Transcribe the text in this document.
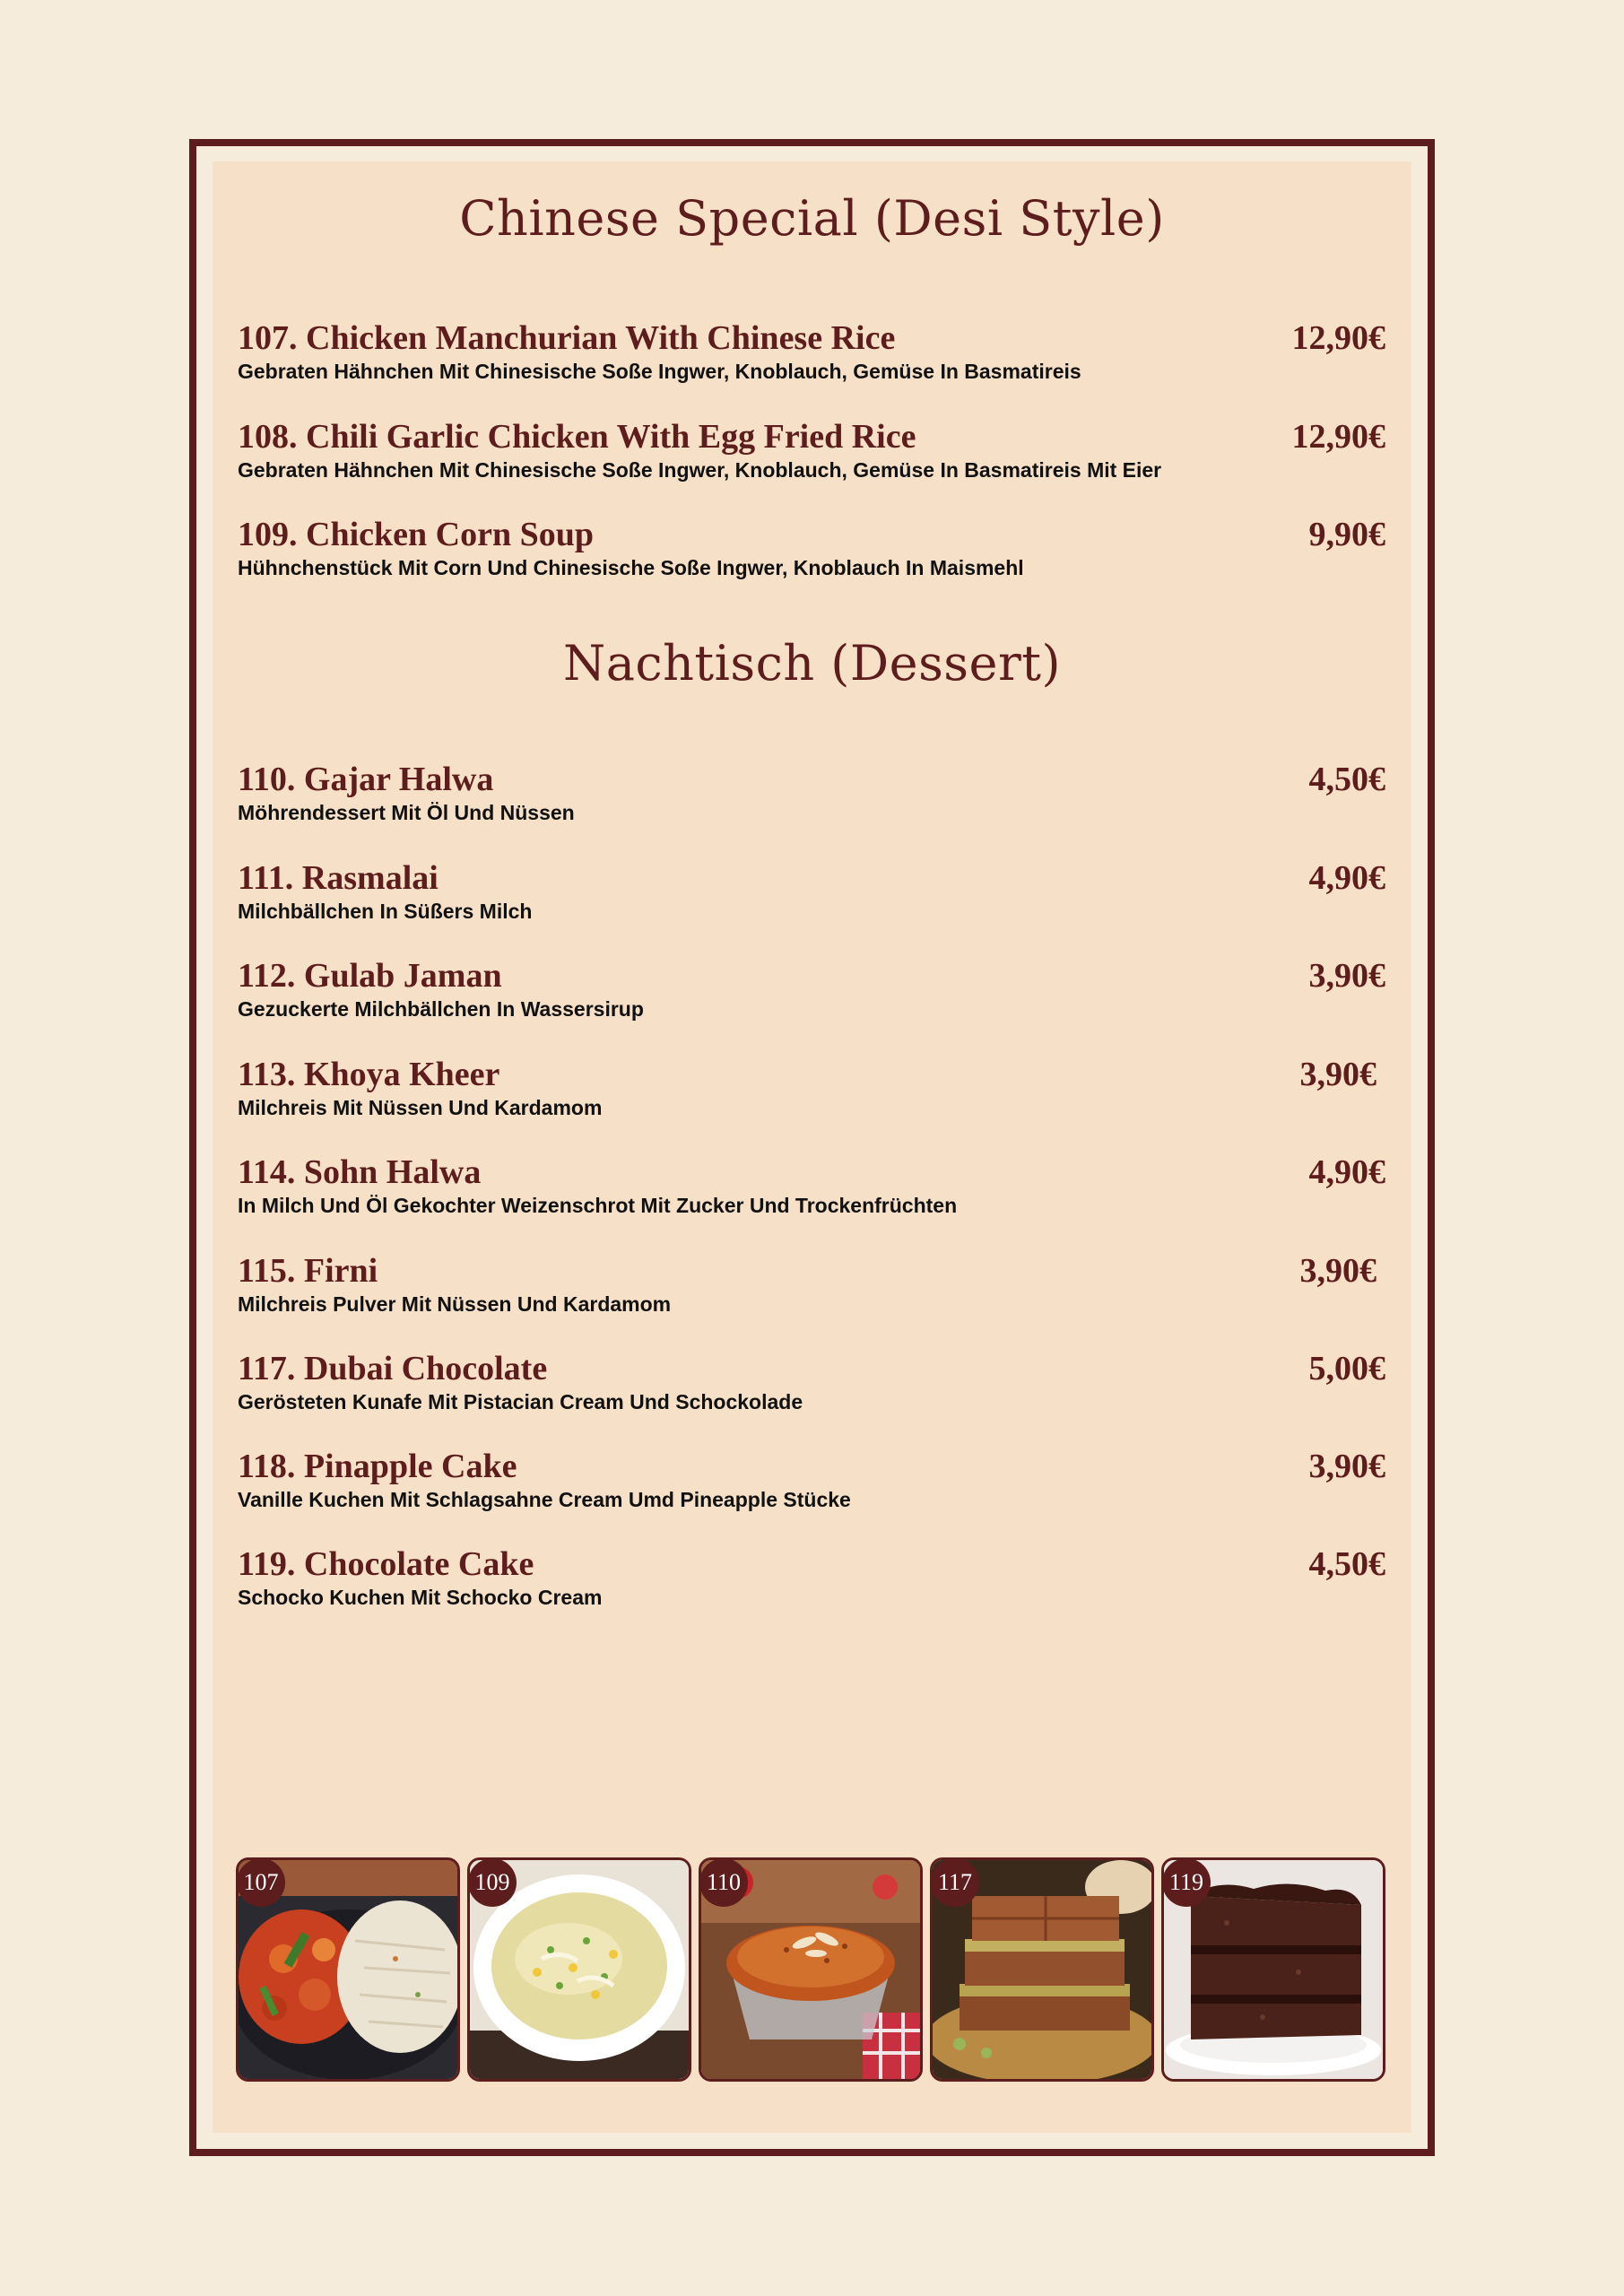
Chinese Special (Desi Style)
107. Chicken Manchurian With Chinese Rice	12,90€
Gebraten Hähnchen Mit Chinesische Soße Ingwer, Knoblauch, Gemüse In Basmatireis
108. Chili Garlic Chicken With Egg Fried Rice	12,90€
Gebraten Hähnchen Mit Chinesische Soße Ingwer, Knoblauch, Gemüse In Basmatireis Mit Eier
109. Chicken Corn Soup	9,90€
Hühnchenstück Mit Corn Und Chinesische Soße Ingwer, Knoblauch In Maismehl
Nachtisch (Dessert)
110. Gajar Halwa	4,50€
Möhrendessert Mit Öl Und Nüssen
111. Rasmalai	4,90€
Milchbällchen In Süßers Milch
112. Gulab Jaman	3,90€
Gezuckerte Milchbällchen In Wassersirup
113. Khoya Kheer	3,90€
Milchreis Mit Nüssen Und Kardamom
114. Sohn Halwa	4,90€
In Milch Und Öl Gekochter Weizenschrot Mit Zucker Und Trockenfrüchten
115. Firni	3,90€
Milchreis Pulver Mit Nüssen Und Kardamom
117. Dubai Chocolate	5,00€
Gerösteten Kunafe Mit Pistacian Cream Und Schockolade
118. Pinapple Cake	3,90€
Vanille Kuchen Mit Schlagsahne Cream Umd Pineapple Stücke
119. Chocolate Cake	4,50€
Schocko Kuchen Mit Schocko Cream
107	109	110	117	119
